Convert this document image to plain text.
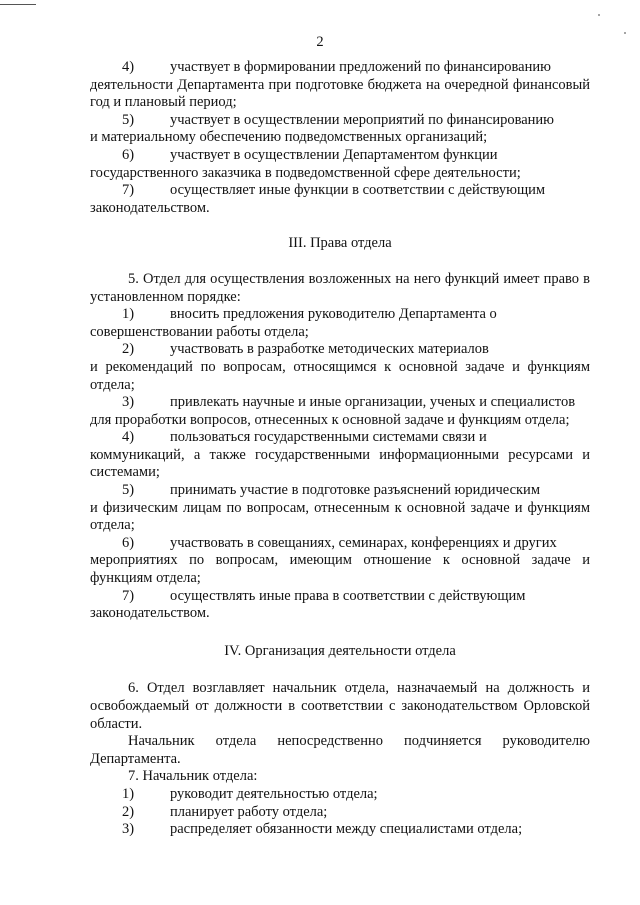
2
4)	участвует в формировании предложений по финансированию

деятельности Департамента при подготовке бюджета на очередной финансовый год и плановый период;

5)	участвует в осуществлении мероприятий по финансированию

и материальному обеспечению подведомственных организаций;

6)	участвует в осуществлении Департаментом функции

государственного заказчика в подведомственной сфере деятельности;

7)	осуществляет иные функции в соответствии с действующим

законодательством.

III. Права отдела

5. Отдел для осуществления возложенных на него функций имеет право в установленном порядке:

1)	вносить предложения руководителю Департамента о

совершенствовании работы отдела;

2)	участвовать в разработке методических материалов

и рекомендаций по вопросам, относящимся к основной задаче и функциям отдела;

3)	привлекать научные и иные организации, ученых и специалистов

для проработки вопросов, отнесенных к основной задаче и функциям отдела;

4)	пользоваться государственными системами связи и

коммуникаций, а также государственными информационными ресурсами и системами;

5)	принимать участие в подготовке разъяснений юридическим

и физическим лицам по вопросам, отнесенным к основной задаче и функциям отдела;

6)	участвовать в совещаниях, семинарах, конференциях и других

мероприятиях по вопросам, имеющим отношение к основной задаче и функциям отдела;

7)	осуществлять иные права в соответствии с действующим

законодательством.

IV. Организация деятельности отдела

6. Отдел возглавляет начальник отдела, назначаемый на должность и освобождаемый от должности в соответствии с законодательством Орловской области.

Начальник отдела непосредственно подчиняется руководителю Департамента.

7. Начальник отдела:

1)	руководит деятельностью отдела;
2)	планирует работу отдела;
3)	распределяет обязанности между специалистами отдела;
